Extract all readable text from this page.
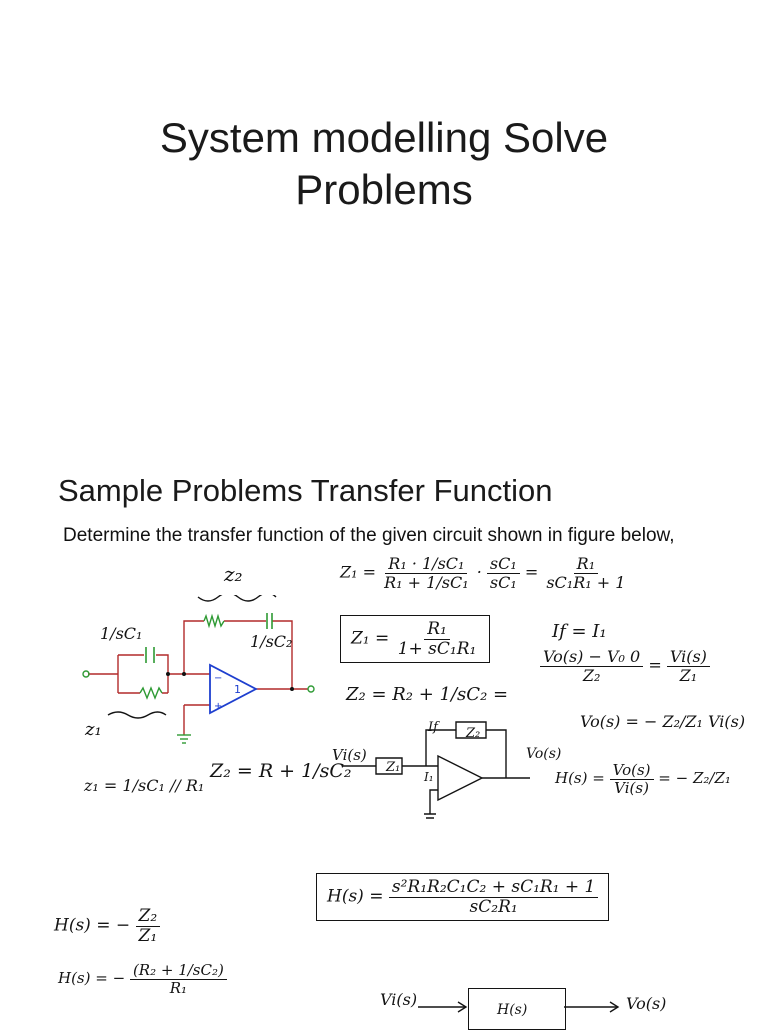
System modelling Solve
Problems
Sample Problems Transfer Function
Determine the transfer function of the given circuit shown in figure below,
−
+
1
z₂
1/sC₁	1/sC₂
z₁
z₁ = 1/sC₁ // R₁
Z₂ = R + 1/sC₂
$Z_1 = \frac{\text{R₁ · 1/sC₁}}{\text{R₁ + 1/sC₁}} \cdot \frac{\text{sC₁}}{\text{sC₁}} = \frac{\text{R₁}}{\text{sC₁R₁ + 1}}$
$Z_1 = \frac{\text{R₁}}{\text{1+ sC₁R₁}}$
Z₂ = R₂ + 1/sC₂ =
If = I₁
$\frac{\text{Vo(s) − V₀ 0}}{\text{Z₂}} = \frac{Vi(s)}{\text{Z₁}}$
Vo(s) = − Z₂/Z₁ Vi(s)
$H(s) = \frac{Vo(s)}{Vi(s)}$ = − Z₂/Z₁
Vi(s)	Vo(s)
If
I₁
Z₂
Z₁
$H(s) = \frac{\text{s²R₁R₂C₁C₂ + sC₁R₁ + 1}}{\text{sC₂R₁}}$
H(s) = − $\frac{\text{Z₂}}{\text{Z₁}}$
H(s) = − $\frac{\text{(R₂ + 1/sC₂)}}{\text{R₁}}$
H(s)
Vi(s)	Vo(s)
